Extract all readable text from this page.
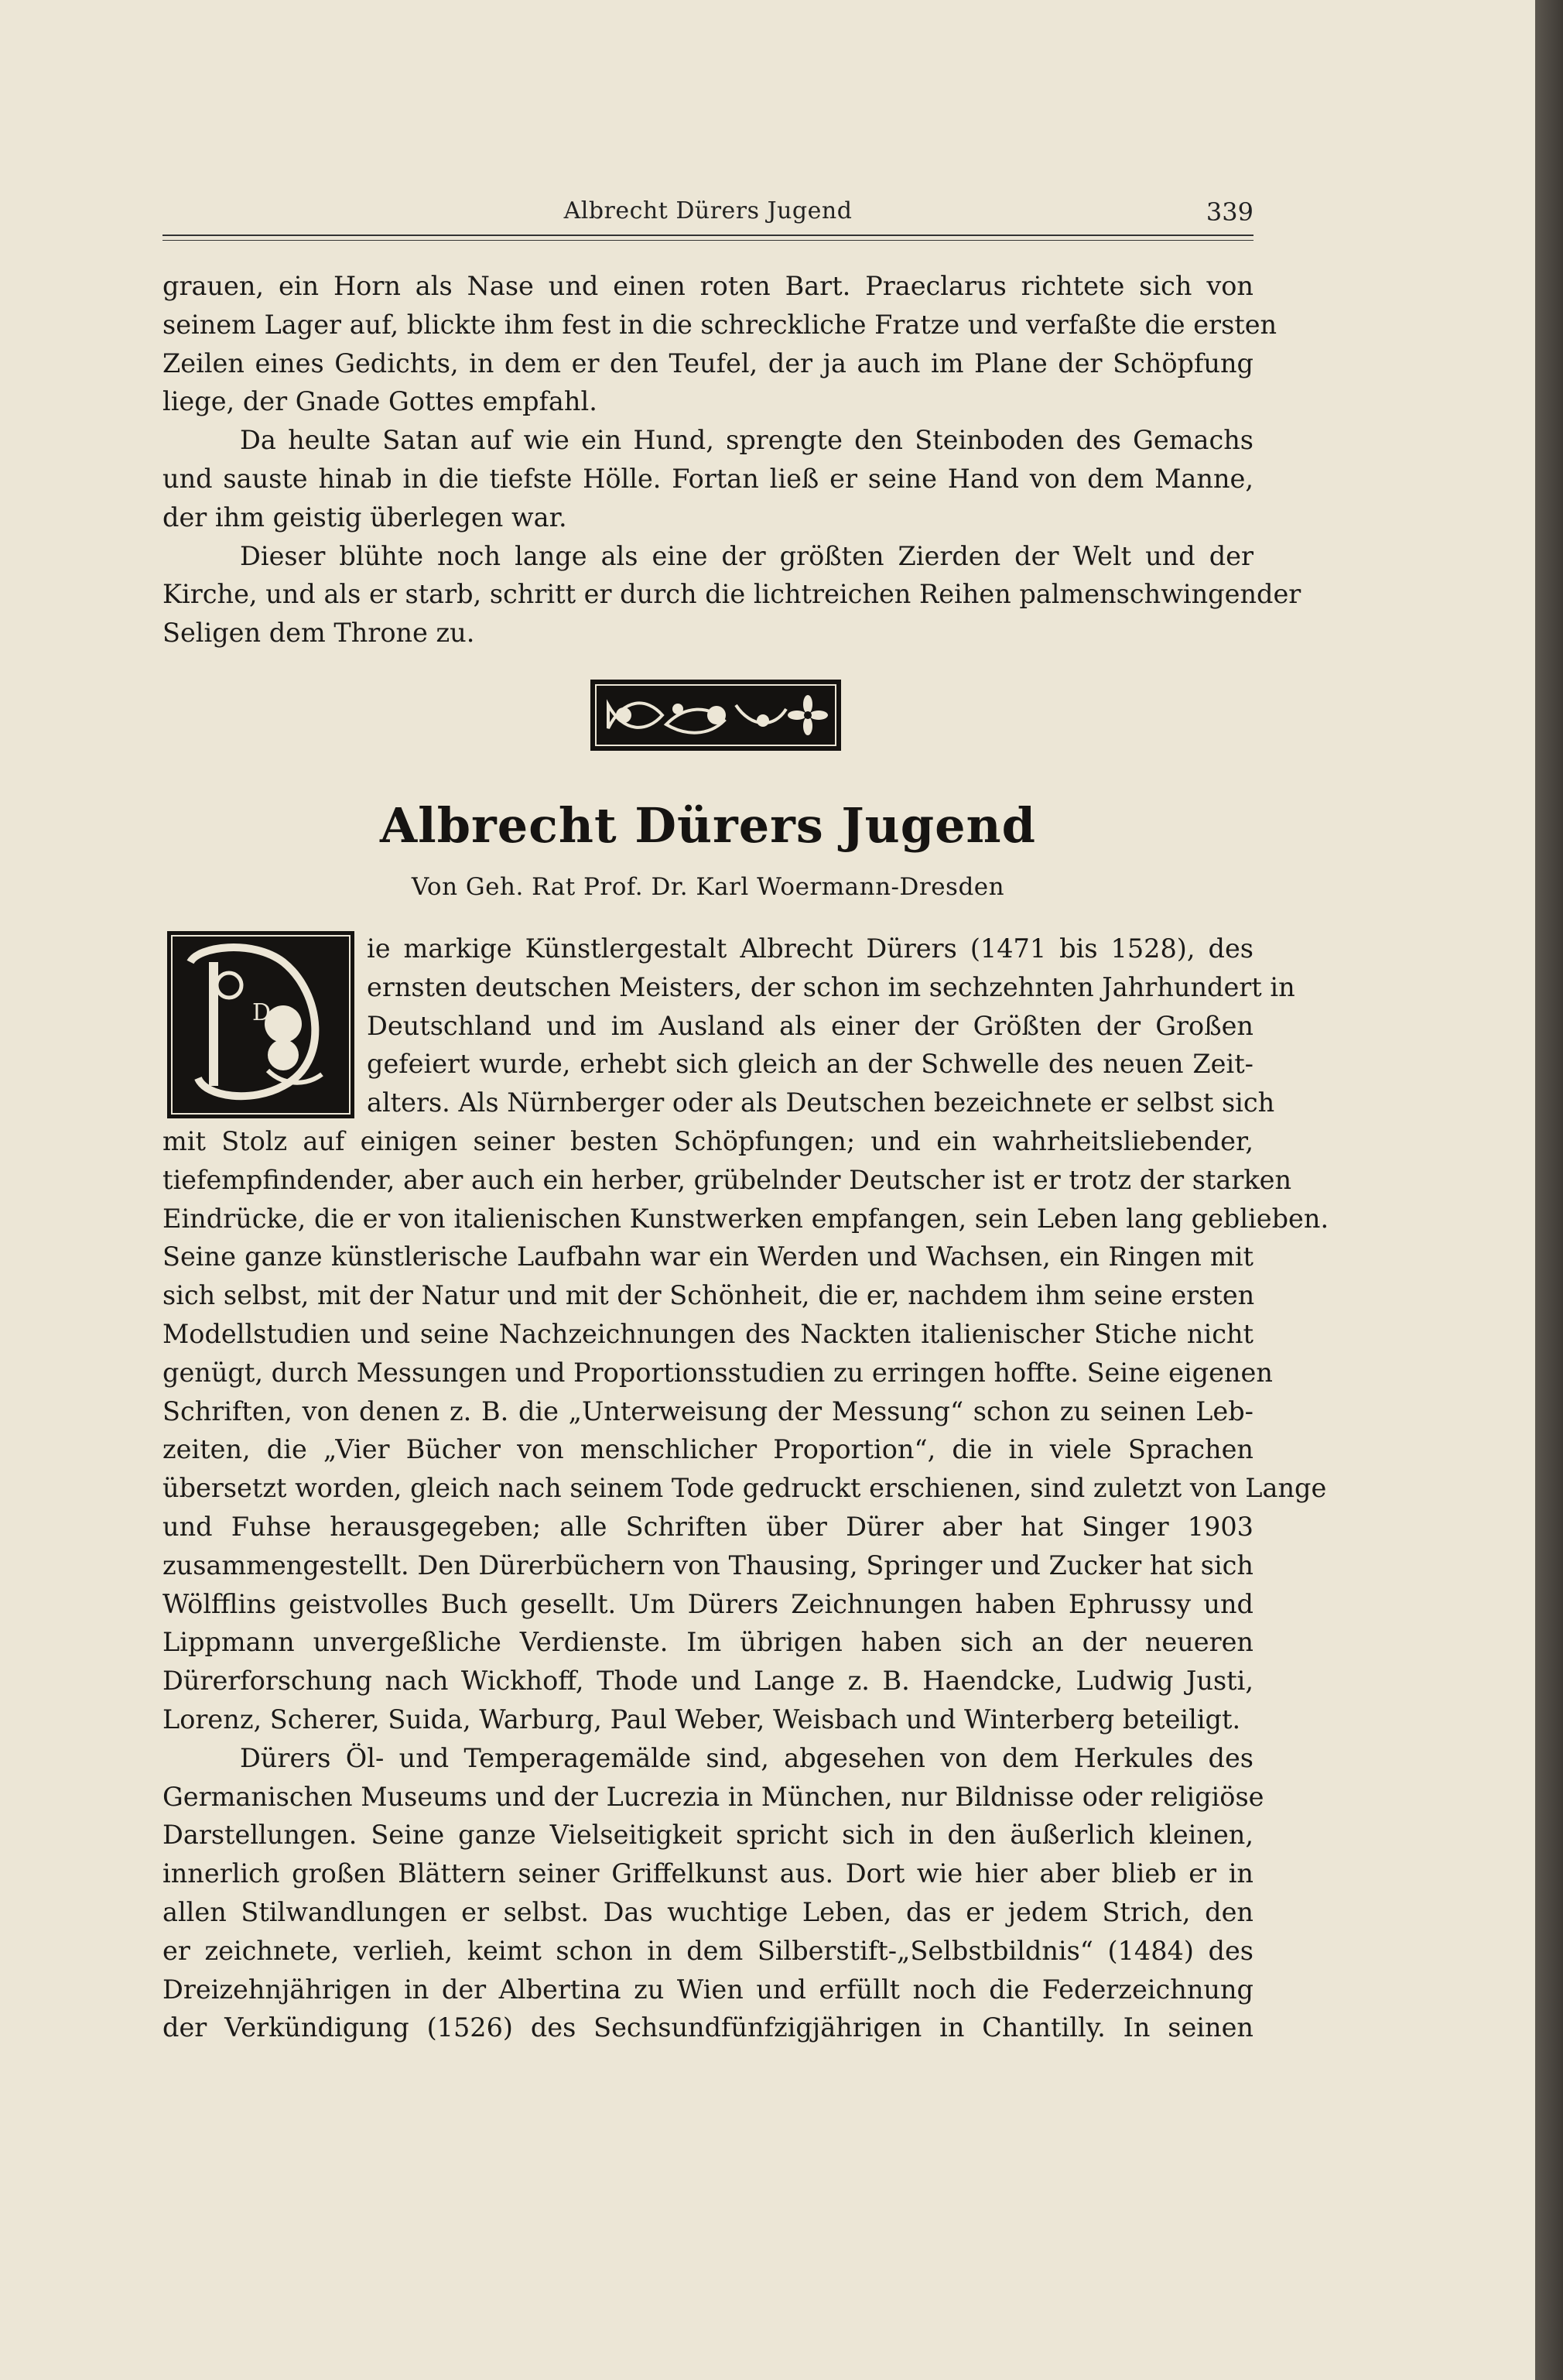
Albrecht Dürers Jugend	339
grauen, ein Horn als Nase und einen roten Bart. Praeclarus richtete sich von
seinem Lager auf, blickte ihm fest in die schreckliche Fratze und verfaßte die ersten
Zeilen eines Gedichts, in dem er den Teufel, der ja auch im Plane der Schöpfung
liege, der Gnade Gottes empfahl.
Da heulte Satan auf wie ein Hund, sprengte den Steinboden des Gemachs
und sauste hinab in die tiefste Hölle. Fortan ließ er seine Hand von dem Manne,
der ihm geistig überlegen war.
Dieser blühte noch lange als eine der größten Zierden der Welt und der
Kirche, und als er starb, schritt er durch die lichtreichen Reihen palmenschwingender
Seligen dem Throne zu.
Albrecht Dürers Jugend
Von Geh. Rat Prof. Dr. Karl Woermann-Dresden
D
ie markige Künstlergestalt Albrecht Dürers (1471 bis 1528), des
ernsten deutschen Meisters, der schon im sechzehnten Jahrhundert in
Deutschland und im Ausland als einer der Größten der Großen
gefeiert wurde, erhebt sich gleich an der Schwelle des neuen Zeit-
alters. Als Nürnberger oder als Deutschen bezeichnete er selbst sich
mit Stolz auf einigen seiner besten Schöpfungen; und ein wahrheitsliebender,
tiefempfindender, aber auch ein herber, grübelnder Deutscher ist er trotz der starken
Eindrücke, die er von italienischen Kunstwerken empfangen, sein Leben lang geblieben.
Seine ganze künstlerische Laufbahn war ein Werden und Wachsen, ein Ringen mit
sich selbst, mit der Natur und mit der Schönheit, die er, nachdem ihm seine ersten
Modellstudien und seine Nachzeichnungen des Nackten italienischer Stiche nicht
genügt, durch Messungen und Proportionsstudien zu erringen hoffte. Seine eigenen
Schriften, von denen z. B. die „Unterweisung der Messung“ schon zu seinen Leb-
zeiten, die „Vier Bücher von menschlicher Proportion“, die in viele Sprachen
übersetzt worden, gleich nach seinem Tode gedruckt erschienen, sind zuletzt von Lange
und Fuhse herausgegeben; alle Schriften über Dürer aber hat Singer 1903
zusammengestellt. Den Dürerbüchern von Thausing, Springer und Zucker hat sich
Wölfflins geistvolles Buch gesellt. Um Dürers Zeichnungen haben Ephrussy und
Lippmann unvergeßliche Verdienste. Im übrigen haben sich an der neueren
Dürerforschung nach Wickhoff, Thode und Lange z. B. Haendcke, Ludwig Justi,
Lorenz, Scherer, Suida, Warburg, Paul Weber, Weisbach und Winterberg beteiligt.
Dürers Öl- und Temperagemälde sind, abgesehen von dem Herkules des
Germanischen Museums und der Lucrezia in München, nur Bildnisse oder religiöse
Darstellungen. Seine ganze Vielseitigkeit spricht sich in den äußerlich kleinen,
innerlich großen Blättern seiner Griffelkunst aus. Dort wie hier aber blieb er in
allen Stilwandlungen er selbst. Das wuchtige Leben, das er jedem Strich, den
er zeichnete, verlieh, keimt schon in dem Silberstift-„Selbstbildnis“ (1484) des
Dreizehnjährigen in der Albertina zu Wien und erfüllt noch die Federzeichnung
der Verkündigung (1526) des Sechsundfünfzigjährigen in Chantilly. In seinen
